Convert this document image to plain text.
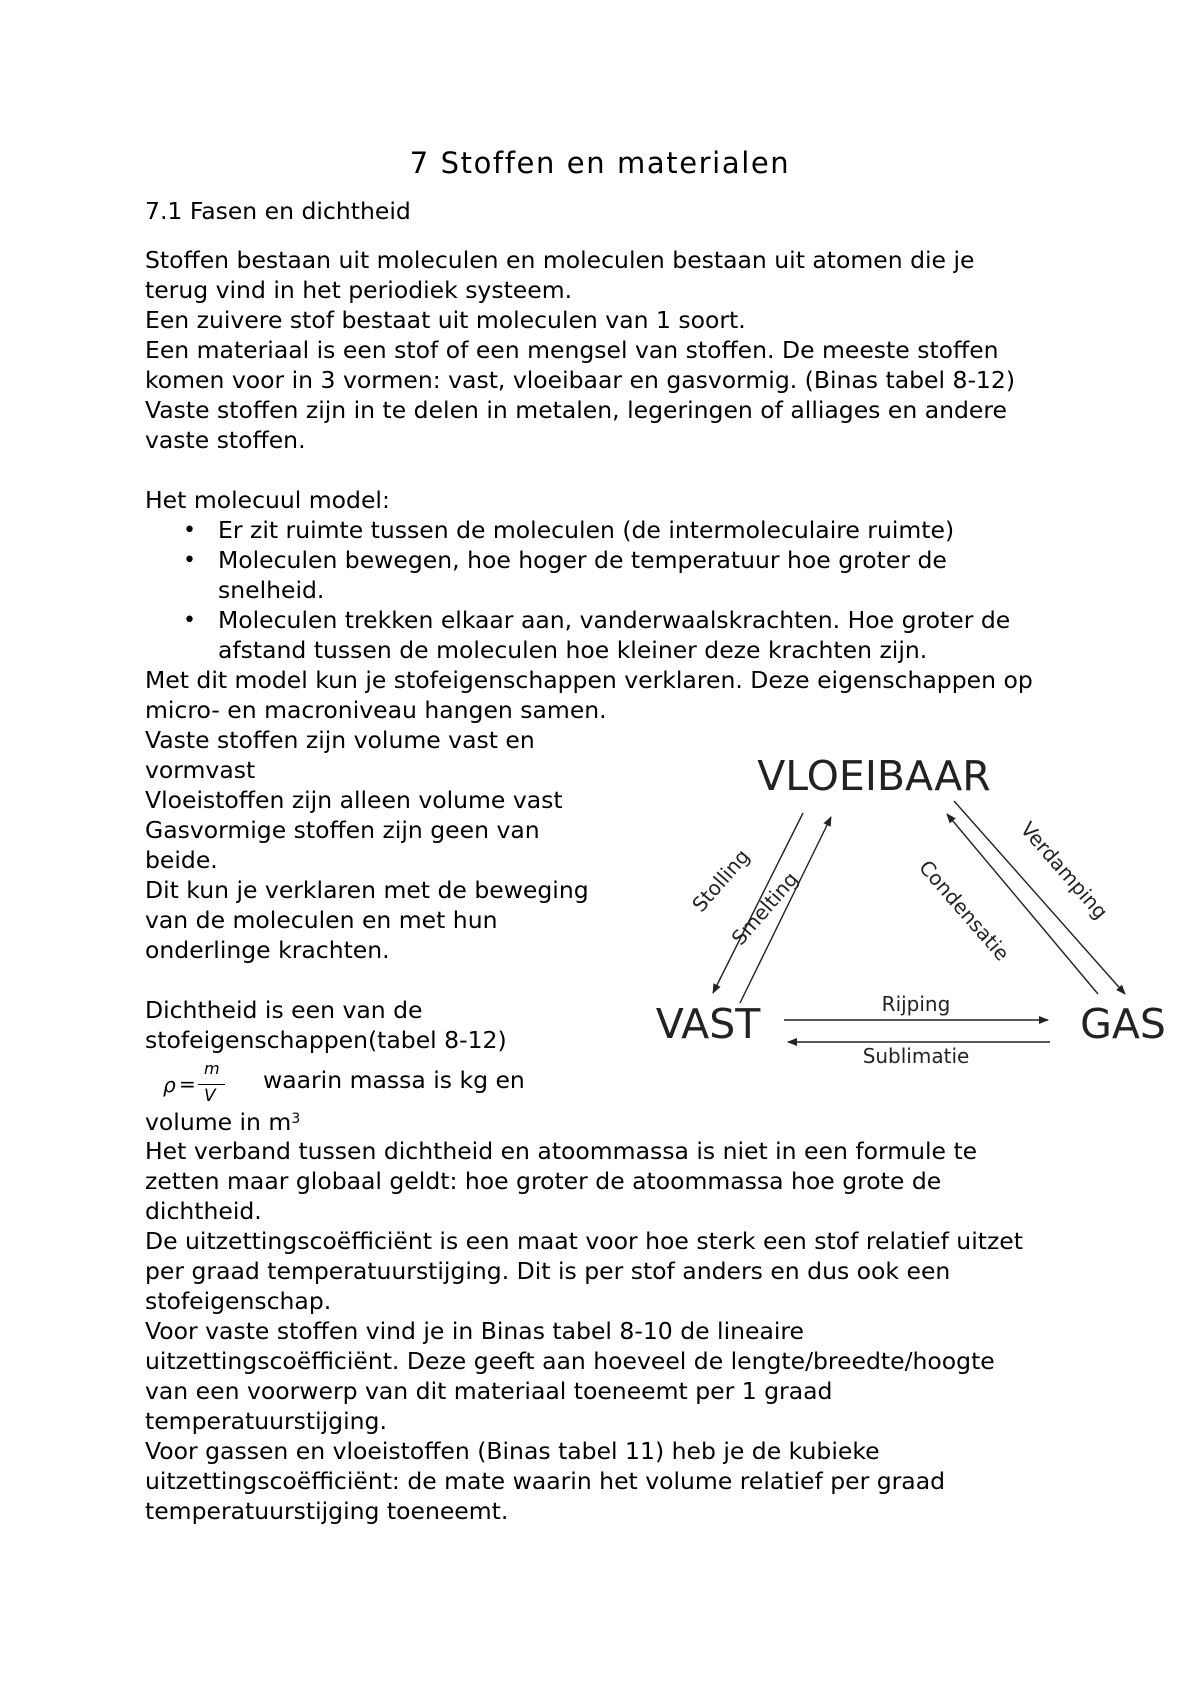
7 Stoffen en materialen
7.1 Fasen en dichtheid
Stoffen bestaan uit moleculen en moleculen bestaan uit atomen die je
terug vind in het periodiek systeem.
Een zuivere stof bestaat uit moleculen van 1 soort.
Een materiaal is een stof of een mengsel van stoffen. De meeste stoffen
komen voor in 3 vormen: vast, vloeibaar en gasvormig. (Binas tabel 8-12)
Vaste stoffen zijn in te delen in metalen, legeringen of alliages en andere
vaste stoffen.
Het molecuul model:
• Er zit ruimte tussen de moleculen (de intermoleculaire ruimte)
• Moleculen bewegen, hoe hoger de temperatuur hoe groter de
snelheid.
• Moleculen trekken elkaar aan, vanderwaalskrachten. Hoe groter de
afstand tussen de moleculen hoe kleiner deze krachten zijn.
Met dit model kun je stofeigenschappen verklaren. Deze eigenschappen op
micro- en macroniveau hangen samen.
Vaste stoffen zijn volume vast en
vormvast
Vloeistoffen zijn alleen volume vast
Gasvormige stoffen zijn geen van
beide.
Dit kun je verklaren met de beweging
van de moleculen en met hun
onderlinge krachten.
Dichtheid is een van de
stofeigenschappen(tabel 8-12)
ρ =
m
V
waarin massa is kg en
volume in $m^3$
Het verband tussen dichtheid en atoommassa is niet in een formule te
zetten maar globaal geldt: hoe groter de atoommassa hoe grote de
dichtheid.
De uitzettingscoëfficiënt is een maat voor hoe sterk een stof relatief uitzet
per graad temperatuurstijging. Dit is per stof anders en dus ook een
stofeigenschap.
Voor vaste stoffen vind je in Binas tabel 8-10 de lineaire
uitzettingscoëfficiënt. Deze geeft aan hoeveel de lengte/breedte/hoogte
van een voorwerp van dit materiaal toeneemt per 1 graad
temperatuurstijging.
Voor gassen en vloeistoffen (Binas tabel 11) heb je de kubieke
uitzettingscoëfficiënt: de mate waarin het volume relatief per graad
temperatuurstijging toeneemt.
VLOEIBAAR
VAST	GAS
Stolling
Smelting	Condensatie Verdamping
Rijping
Sublimatie
